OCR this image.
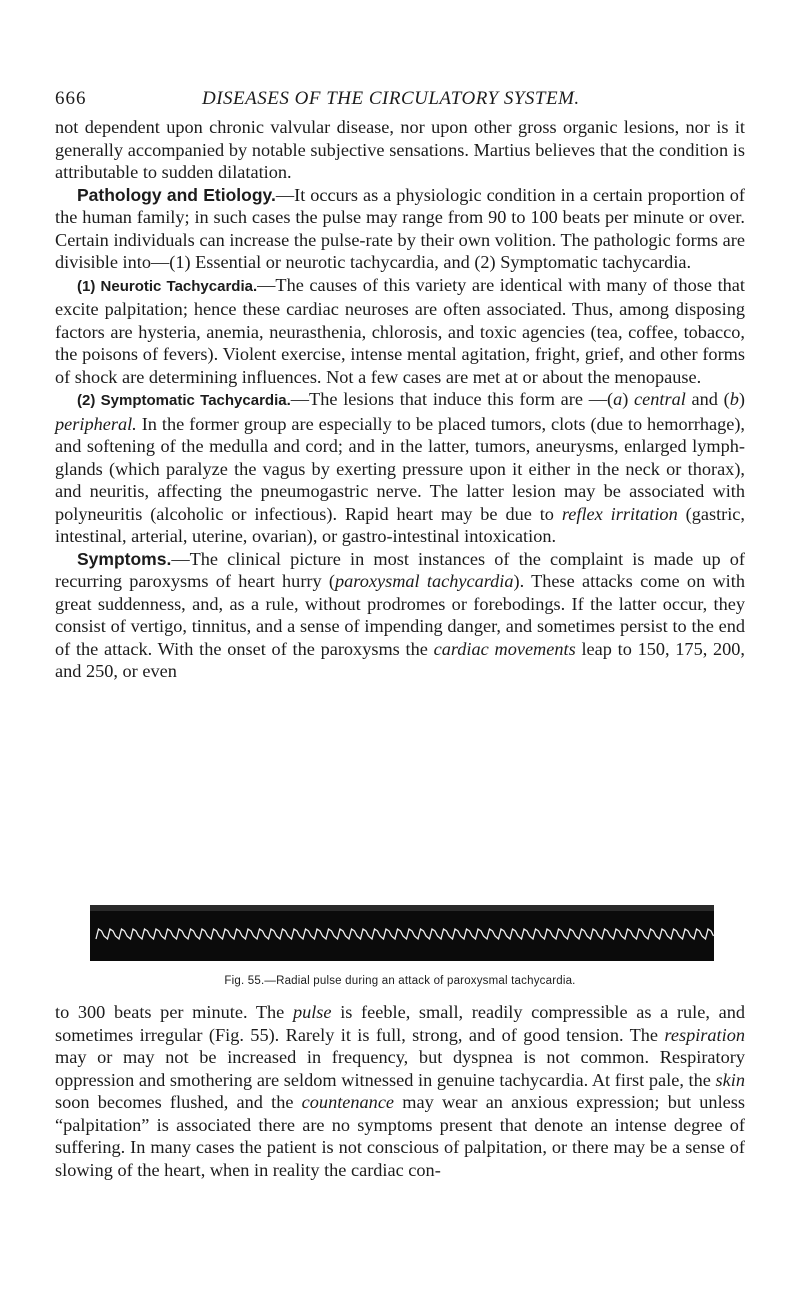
666	DISEASES OF THE CIRCULATORY SYSTEM.

not dependent upon chronic valvular disease, nor upon other gross organic lesions, nor is it generally accompanied by notable subjective sensations. Martius believes that the condition is attributable to sudden dilatation.

Pathology and Etiology.—It occurs as a physiologic condition in a certain proportion of the human family; in such cases the pulse may range from 90 to 100 beats per minute or over. Certain individuals can increase the pulse-rate by their own volition. The pathologic forms are divisible into—(1) Essential or neurotic tachycardia, and (2) Symptomatic tachycardia.

(1) Neurotic Tachycardia.—The causes of this variety are identical with many of those that excite palpitation; hence these cardiac neuroses are often associated. Thus, among disposing factors are hysteria, anemia, neurasthenia, chlorosis, and toxic agencies (tea, coffee, tobacco, the poisons of fevers). Violent exercise, intense mental agitation, fright, grief, and other forms of shock are determining influences. Not a few cases are met at or about the menopause.

(2) Symptomatic Tachycardia.—The lesions that induce this form are —(a) central and (b) peripheral. In the former group are especially to be placed tumors, clots (due to hemorrhage), and softening of the medulla and cord; and in the latter, tumors, aneurysms, enlarged lymph-glands (which paralyze the vagus by exerting pressure upon it either in the neck or thorax), and neuritis, affecting the pneumogastric nerve. The latter lesion may be associated with polyneuritis (alcoholic or infectious). Rapid heart may be due to reflex irritation (gastric, intestinal, arterial, uterine, ovarian), or gastro-intestinal intoxication.

Symptoms.—The clinical picture in most instances of the complaint is made up of recurring paroxysms of heart hurry (paroxysmal tachycardia). These attacks come on with great suddenness, and, as a rule, without prodromes or forebodings. If the latter occur, they consist of vertigo, tinnitus, and a sense of impending danger, and sometimes persist to the end of the attack. With the onset of the paroxysms the cardiac movements leap to 150, 175, 200, and 250, or even

Fig. 55.—Radial pulse during an attack of paroxysmal tachycardia.

to 300 beats per minute. The pulse is feeble, small, readily compressible as a rule, and sometimes irregular (Fig. 55). Rarely it is full, strong, and of good tension. The respiration may or may not be increased in frequency, but dyspnea is not common. Respiratory oppression and smothering are seldom witnessed in genuine tachycardia. At first pale, the skin soon becomes flushed, and the countenance may wear an anxious expression; but unless “palpitation” is associated there are no symptoms present that denote an intense degree of suffering. In many cases the patient is not conscious of palpitation, or there may be a sense of slowing of the heart, when in reality the cardiac con-
